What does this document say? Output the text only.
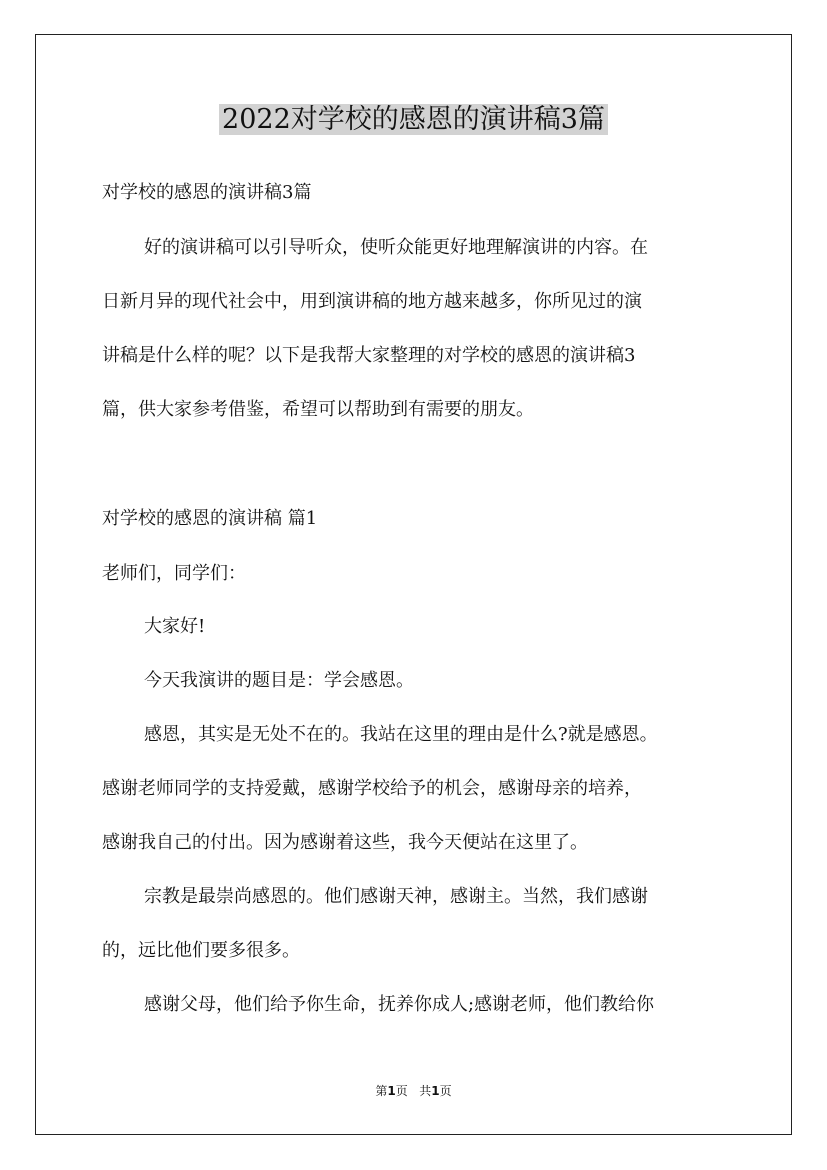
2022对学校的感恩的演讲稿3篇
对学校的感恩的演讲稿3篇
好的演讲稿可以引导听众，使听众能更好地理解演讲的内容。在
日新月异的现代社会中，用到演讲稿的地方越来越多，你所见过的演
讲稿是什么样的呢？以下是我帮大家整理的对学校的感恩的演讲稿3
篇，供大家参考借鉴，希望可以帮助到有需要的朋友。
对学校的感恩的演讲稿 篇1
老师们，同学们：
大家好!
今天我演讲的题目是：学会感恩。
感恩，其实是无处不在的。我站在这里的理由是什么?就是感恩。
感谢老师同学的支持爱戴，感谢学校给予的机会，感谢母亲的培养，
感谢我自己的付出。因为感谢着这些，我今天便站在这里了。
宗教是最崇尚感恩的。他们感谢天神，感谢主。当然，我们感谢
的，远比他们要多很多。
感谢父母，他们给予你生命，抚养你成人;感谢老师，他们教给你
第1页 共1页
